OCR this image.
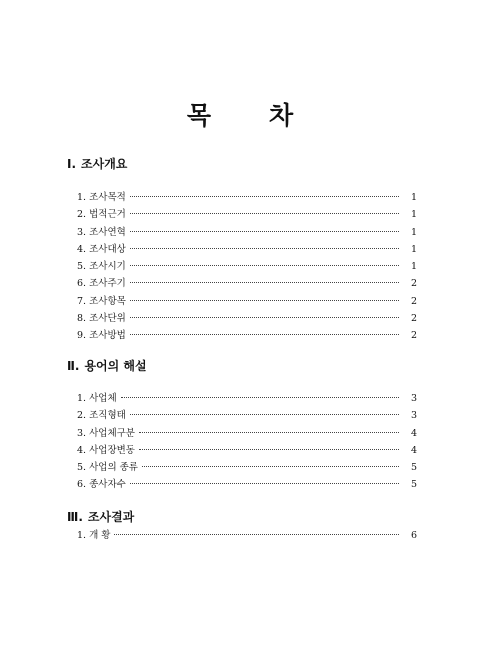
목 차
Ⅰ. 조사개요
1. 조사목적	1
2. 법적근거	1
3. 조사연혁	1
4. 조사대상	1
5. 조사시기	1
6. 조사주기	2
7. 조사항목	2
8. 조사단위	2
9. 조사방법	2
Ⅱ. 용어의 해설
1. 사업체	3
2. 조직형태	3
3. 사업체구분	4
4. 사업장변동	4
5. 사업의 종류	5
6. 종사자수	5
Ⅲ. 조사결과
1. 개 황	6
